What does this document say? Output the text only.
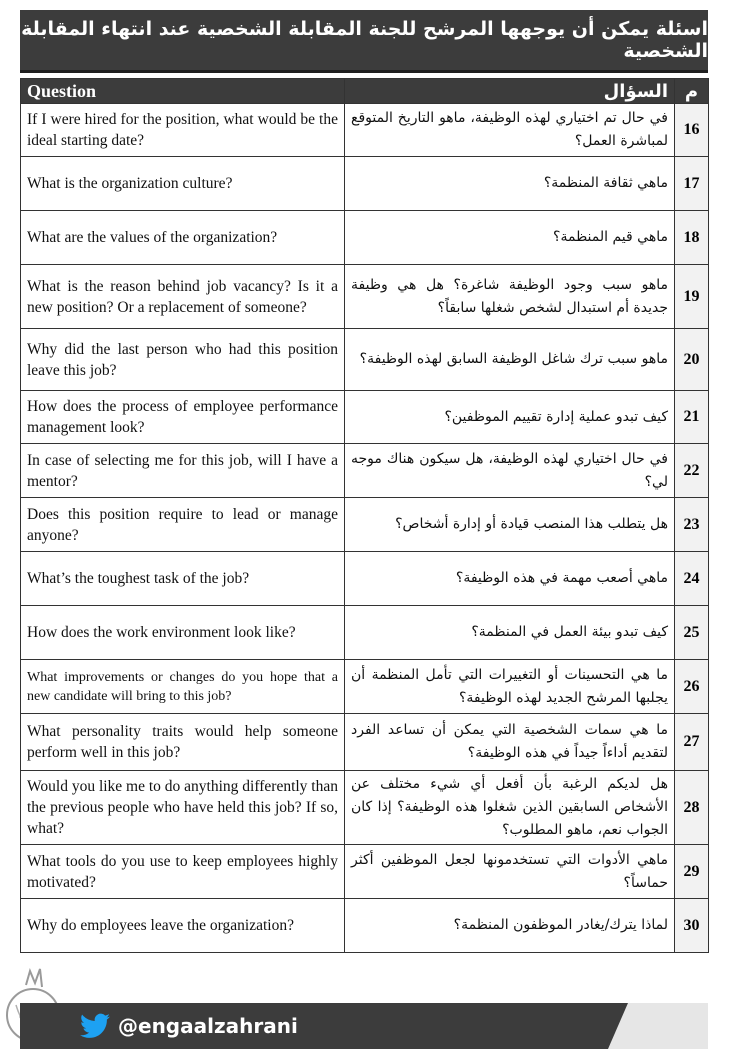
اسئلة يمكن أن يوجهها المرشح للجنة المقابلة الشخصية عند انتهاء المقابلة الشخصية
Question	السؤال	م
If I were hired for the position, what would be the ideal starting date?	في حال تم اختياري لهذه الوظيفة، ماهو التاريخ المتوقع لمباشرة العمل؟	16
What is the organization culture?	ماهي ثقافة المنظمة؟	17
What are the values of the organization?	ماهي قيم المنظمة؟	18
What is the reason behind job vacancy? Is it a new position? Or a replacement of someone?	ماهو سبب وجود الوظيفة شاغرة؟ هل هي وظيفة جديدة أم استبدال لشخص شغلها سابقاً؟	19
Why did the last person who had this position leave this job?	ماهو سبب ترك شاغل الوظيفة السابق لهذه الوظيفة؟	20
How does the process of employee performance management look?	كيف تبدو عملية إدارة تقييم الموظفين؟	21
In case of selecting me for this job, will I have a mentor?	في حال اختياري لهذه الوظيفة، هل سيكون هناك موجه لي؟	22
Does this position require to lead or manage anyone?	هل يتطلب هذا المنصب قيادة أو إدارة أشخاص؟	23
What’s the toughest task of the job?	ماهي أصعب مهمة في هذه الوظيفة؟	24
How does the work environment look like?	كيف تبدو بيئة العمل في المنظمة؟	25
What improvements or changes do you hope that a new candidate will bring to this job?	ما هي التحسينات أو التغييرات التي تأمل المنظمة أن يجلبها المرشح الجديد لهذه الوظيفة؟	26
What personality traits would help someone perform well in this job?	ما هي سمات الشخصية التي يمكن أن تساعد الفرد لتقديم أداءاً جيداً في هذه الوظيفة؟	27
Would you like me to do anything differently than the previous people who have held this job? If so, what?	هل لديكم الرغبة بأن أفعل أي شيء مختلف عن الأشخاص السابقين الذين شغلوا هذه الوظيفة؟ إذا كان الجواب نعم، ماهو المطلوب؟	28
What tools do you use to keep employees highly motivated?	ماهي الأدوات التي تستخدمونها لجعل الموظفين أكثر حماساً؟	29
Why do employees leave the organization?	لماذا يترك/يغادر الموظفون المنظمة؟	30
@engaalzahrani
